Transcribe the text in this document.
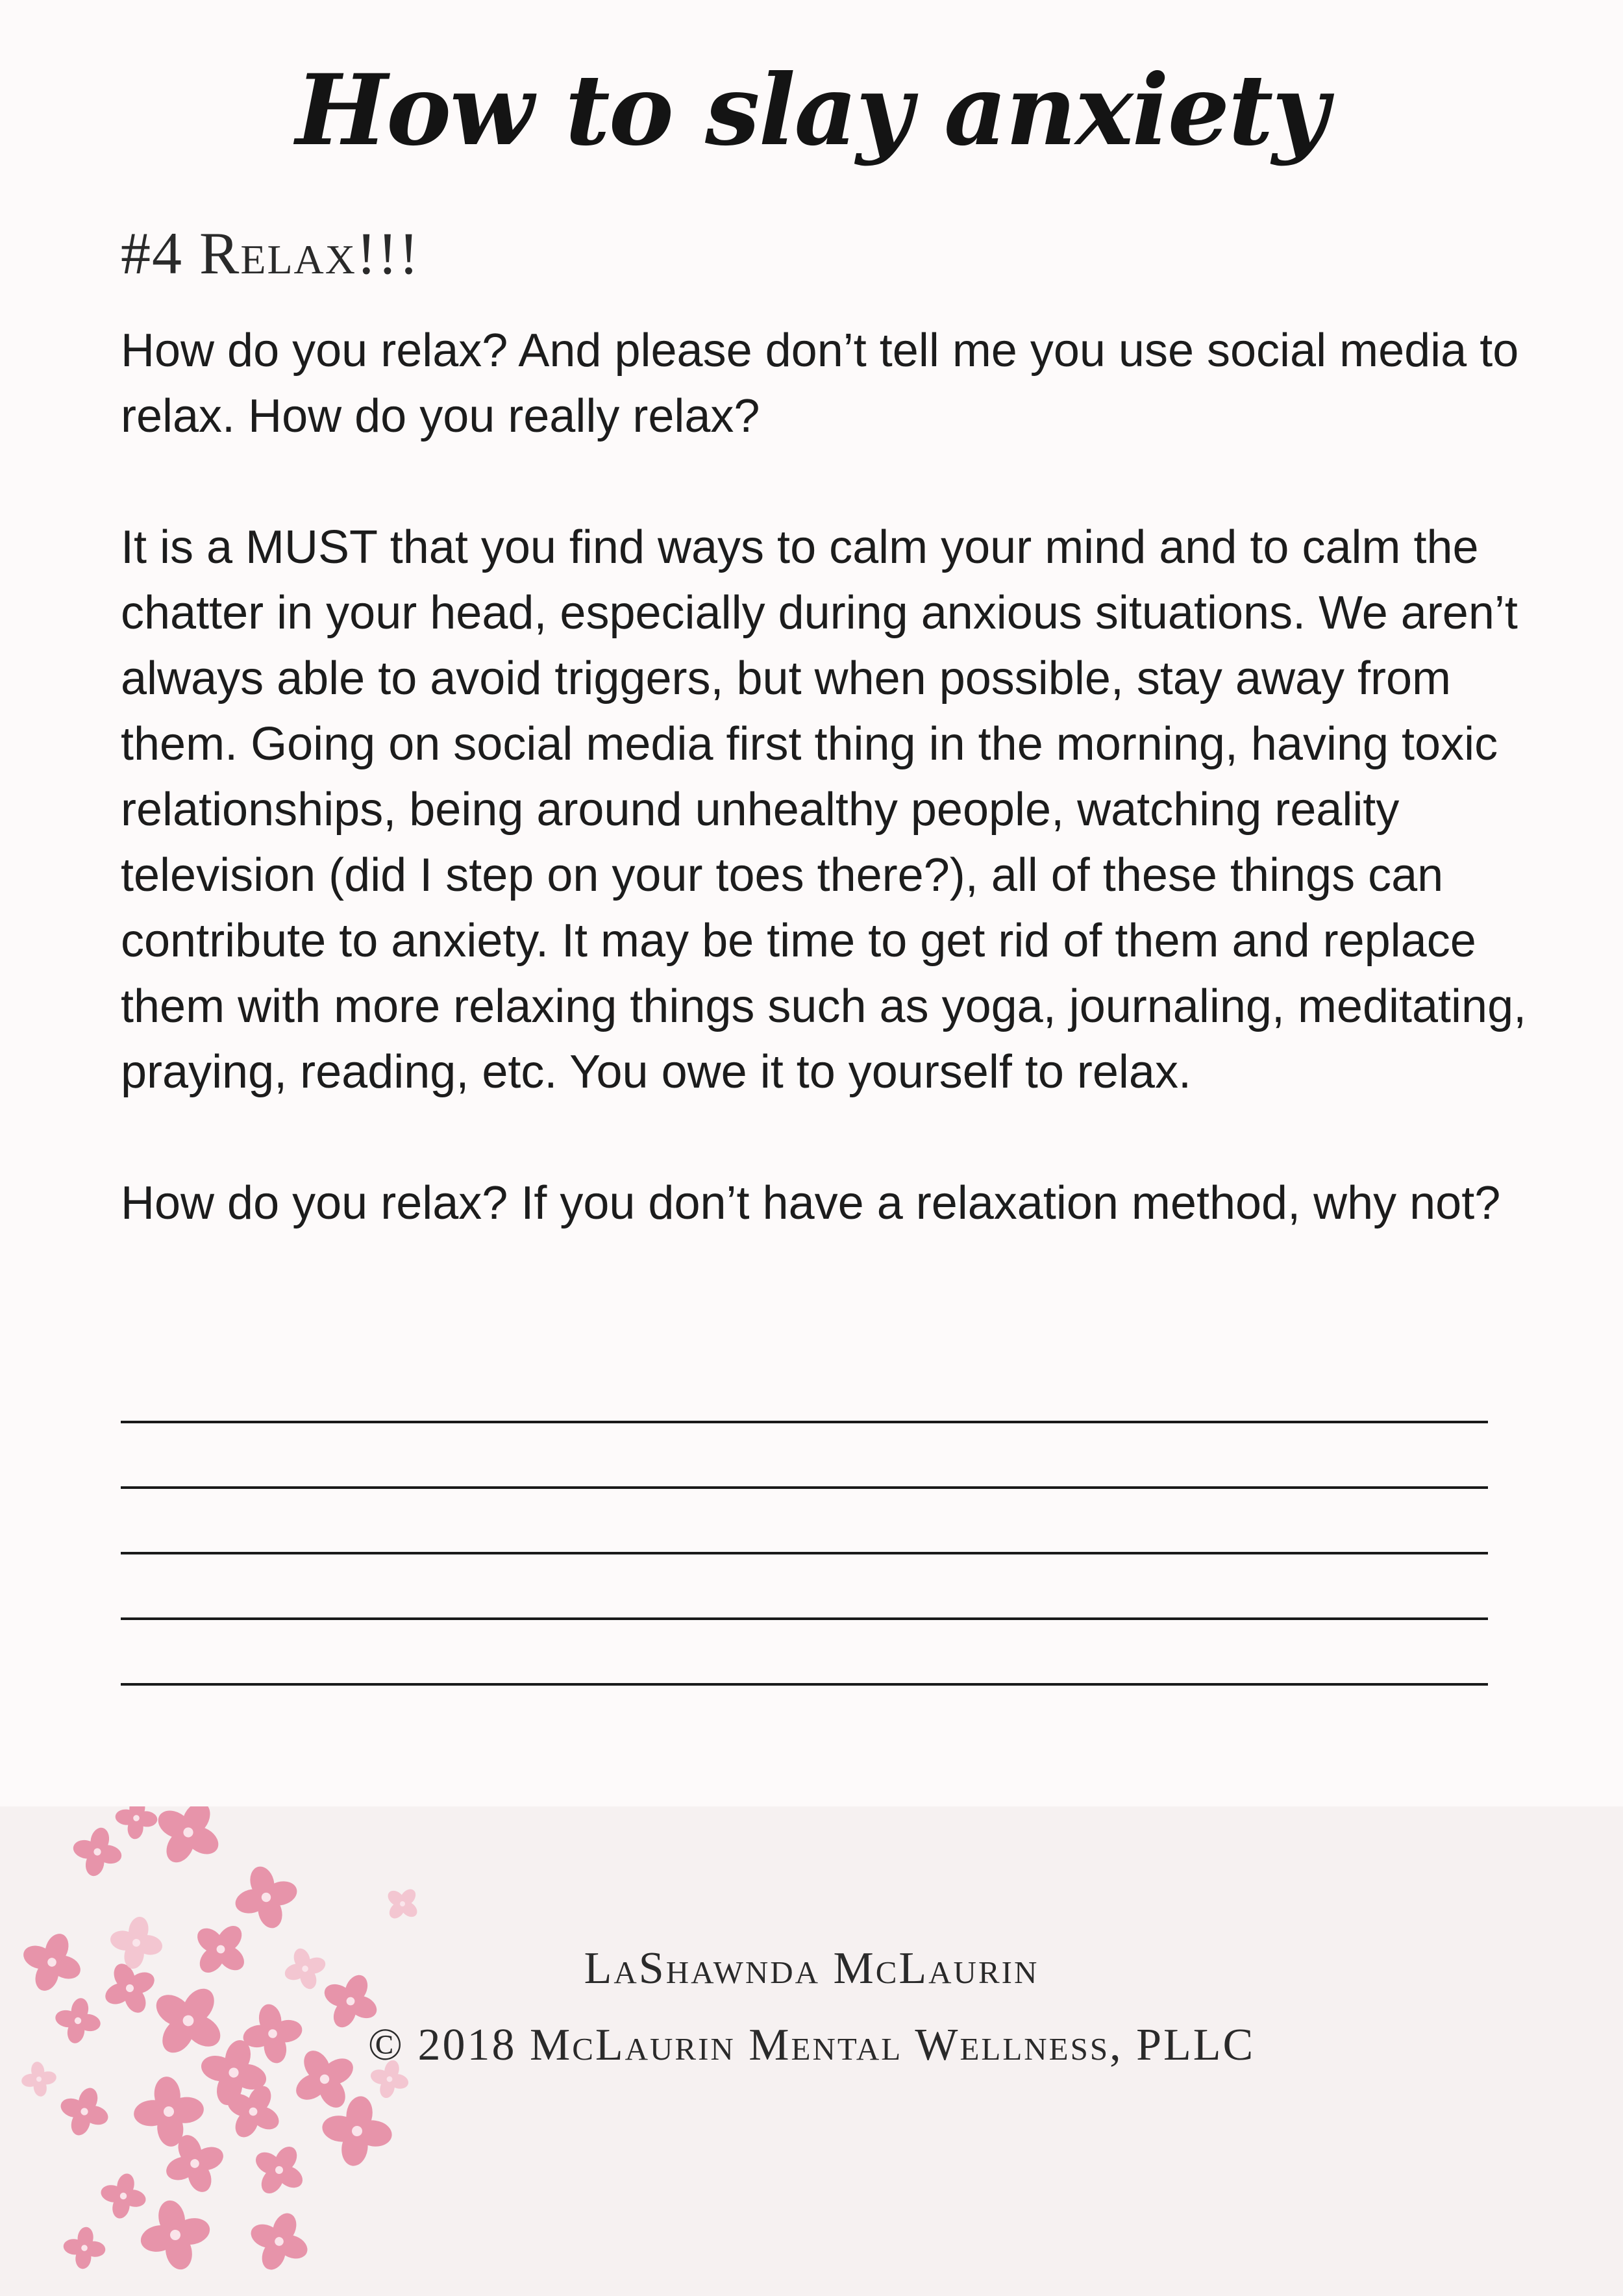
How to slay anxiety
#4 Relax!!!

How do you relax? And please don’t tell me you use social media to relax. How do you really relax?

It is a MUST that you find ways to calm your mind and to calm the chatter in your head, especially during anxious situations. We aren’t always able to avoid triggers, but when possible, stay away from them. Going on social media first thing in the morning, having toxic relationships, being around unhealthy people, watching reality television (did I step on your toes there?), all of these things can contribute to anxiety. It may be time to get rid of them and replace them with more relaxing things such as yoga, journaling, meditating, praying, reading, etc. You owe it to yourself to relax.

How do you relax? If you don’t have a relaxation method, why not?

LaShawnda McLaurin
© 2018 McLaurin Mental Wellness, PLLC
